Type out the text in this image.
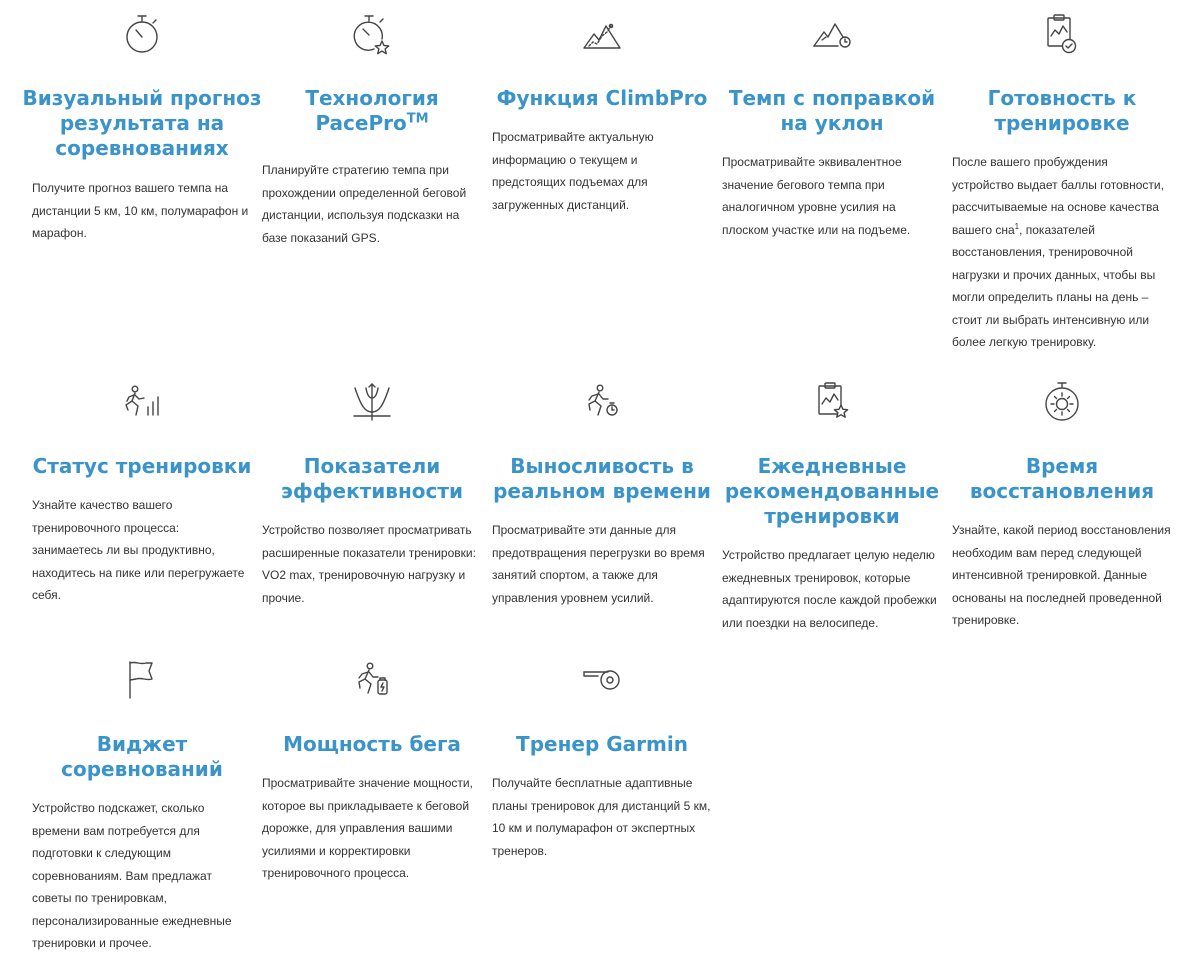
Визуальный прогноз результата на соревнованиях
Получите прогноз вашего темпа на дистанции 5 км, 10 км, полумарафон и марафон.
Технология PacePro™
Планируйте стратегию темпа при прохождении определенной беговой дистанции, используя подсказки на базе показаний GPS.
Функция ClimbPro
Просматривайте актуальную информацию о текущем и предстоящих подъемах для загруженных дистанций.
Темп с поправкой на уклон
Просматривайте эквивалентное значение бегового темпа при аналогичном уровне усилия на плоском участке или на подъеме.
Готовность к тренировке
После вашего пробуждения устройство выдает баллы готовности, рассчитываемые на основе качества вашего сна$^1$, показателей восстановления, тренировочной нагрузки и прочих данных, чтобы вы могли определить планы на день – стоит ли выбрать интенсивную или более легкую тренировку.
Статус тренировки
Узнайте качество вашего тренировочного процесса: занимаетесь ли вы продуктивно, находитесь на пике или перегружаете себя.
Показатели эффективности
Устройство позволяет просматривать расширенные показатели тренировки: VO2 max, тренировочную нагрузку и прочие.
Выносливость в реальном времени
Просматривайте эти данные для предотвращения перегрузки во время занятий спортом, а также для управления уровнем усилий.
Ежедневные рекомендованные тренировки
Устройство предлагает целую неделю ежедневных тренировок, которые адаптируются после каждой пробежки или поездки на велосипеде.
Время восстановления
Узнайте, какой период восстановления необходим вам перед следующей интенсивной тренировкой. Данные основаны на последней проведенной тренировке.
Виджет соревнований
Устройство подскажет, сколько времени вам потребуется для подготовки к следующим соревнованиям. Вам предлажат советы по тренировкам, персонализированные ежедневные тренировки и прочее.
Мощность бега
Просматривайте значение мощности, которое вы прикладываете к беговой дорожке, для управления вашими усилиями и корректировки тренировочного процесса.
Тренер Garmin
Получайте бесплатные адаптивные планы тренировок для дистанций 5 км, 10 км и полумарафон от экспертных тренеров.
